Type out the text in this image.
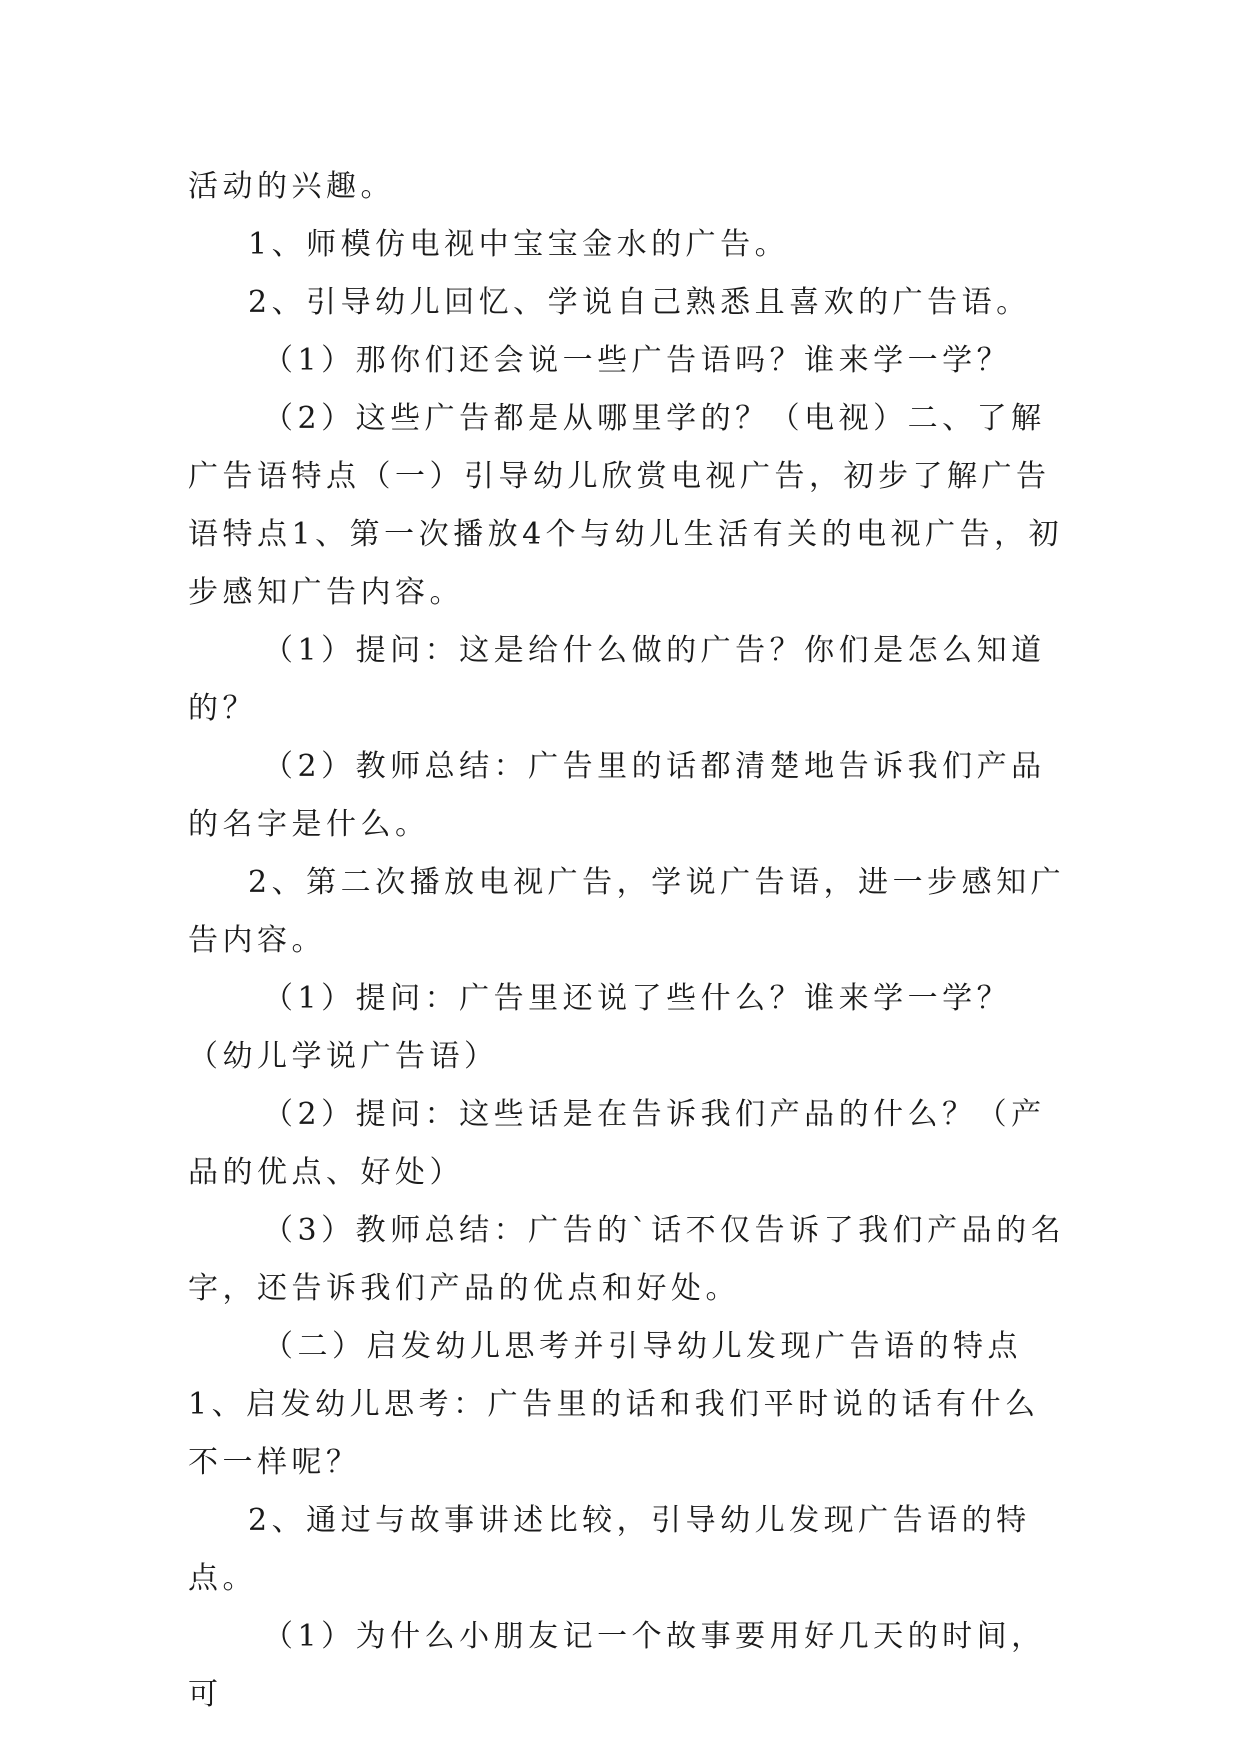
活动的兴趣。

1、师模仿电视中宝宝金水的广告。

2、引导幼儿回忆、学说自己熟悉且喜欢的广告语。

（1）那你们还会说一些广告语吗？谁来学一学？

（2）这些广告都是从哪里学的？（电视）二、了解广告语特点（一）引导幼儿欣赏电视广告，初步了解广告语特点1、第一次播放4个与幼儿生活有关的电视广告，初步感知广告内容。

（1）提问：这是给什么做的广告？你们是怎么知道的？

（2）教师总结：广告里的话都清楚地告诉我们产品的名字是什么。

2、第二次播放电视广告，学说广告语，进一步感知广告内容。

（1）提问：广告里还说了些什么？谁来学一学？（幼儿学说广告语）

（2）提问：这些话是在告诉我们产品的什么？（产品的优点、好处）

（3）教师总结：广告的`话不仅告诉了我们产品的名字，还告诉我们产品的优点和好处。

（二）启发幼儿思考并引导幼儿发现广告语的特点1、启发幼儿思考：广告里的话和我们平时说的话有什么不一样呢？

2、通过与故事讲述比较，引导幼儿发现广告语的特点。

（1）为什么小朋友记一个故事要用好几天的时间，可
